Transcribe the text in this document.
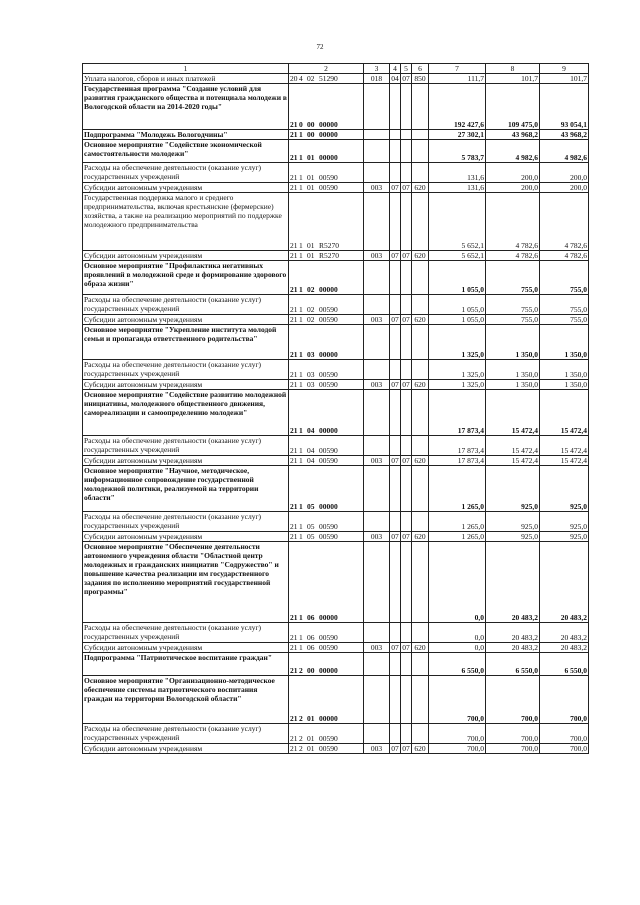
72
1	2	3	4	5	6	7	8	9
Уплата налогов, сборов и иных платежей	20 4 02 51290	018	04	07	850	111,7	101,7	101,7
Государственная программа "Создание условий для развития гражданского общества и потенциала молодежи в Вологодской области на 2014-2020 годы"	21 0 00 00000					192 427,6	109 475,0	93 054,1
Подпрограмма "Молодежь Вологодчины"	21 1 00 00000					27 302,1	43 968,2	43 968,2
Основное мероприятие "Содействие экономической самостоятельности молодежи"	21 1 01 00000					5 783,7	4 982,6	4 982,6
Расходы на обеспечение деятельности (оказание услуг) государственных учреждений	21 1 01 00590					131,6	200,0	200,0
Субсидии автономным учреждениям	21 1 01 00590	003	07	07	620	131,6	200,0	200,0
Государственная поддержка малого и среднего предпринимательства, включая крестьянские (фермерские) хозяйства, а также на реализацию мероприятий по поддержке молодежного предпринимательства	21 1 01 R5270					5 652,1	4 782,6	4 782,6
Субсидии автономным учреждениям	21 1 01 R5270	003	07	07	620	5 652,1	4 782,6	4 782,6
Основное мероприятие "Профилактика негативных проявлений в молодежной среде и формирование здорового образа жизни"	21 1 02 00000					1 055,0	755,0	755,0
Расходы на обеспечение деятельности (оказание услуг) государственных учреждений	21 1 02 00590					1 055,0	755,0	755,0
Субсидии автономным учреждениям	21 1 02 00590	003	07	07	620	1 055,0	755,0	755,0
Основное мероприятие "Укрепление института молодой семьи и пропаганда ответственного родительства"	21 1 03 00000					1 325,0	1 350,0	1 350,0
Расходы на обеспечение деятельности (оказание услуг) государственных учреждений	21 1 03 00590					1 325,0	1 350,0	1 350,0
Субсидии автономным учреждениям	21 1 03 00590	003	07	07	620	1 325,0	1 350,0	1 350,0
Основное мероприятие "Содействие развитию молодежной инициативы, молодежного общественного движения, самореализации и самоопределению молодежи"	21 1 04 00000					17 873,4	15 472,4	15 472,4
Расходы на обеспечение деятельности (оказание услуг) государственных учреждений	21 1 04 00590					17 873,4	15 472,4	15 472,4
Субсидии автономным учреждениям	21 1 04 00590	003	07	07	620	17 873,4	15 472,4	15 472,4
Основное мероприятие "Научное, методическое, информационное сопровождение государственной молодежной политики, реализуемой на территории области"	21 1 05 00000					1 265,0	925,0	925,0
Расходы на обеспечение деятельности (оказание услуг) государственных учреждений	21 1 05 00590					1 265,0	925,0	925,0
Субсидии автономным учреждениям	21 1 05 00590	003	07	07	620	1 265,0	925,0	925,0
Основное мероприятие "Обеспечение деятельности автономного учреждения области "Областной центр молодежных и гражданских инициатив "Содружество" и повышение качества реализации им государственного задания по исполнению мероприятий государственной программы"	21 1 06 00000					0,0	20 483,2	20 483,2
Расходы на обеспечение деятельности (оказание услуг) государственных учреждений	21 1 06 00590					0,0	20 483,2	20 483,2
Субсидии автономным учреждениям	21 1 06 00590	003	07	07	620	0,0	20 483,2	20 483,2
Подпрограмма "Патриотическое воспитание граждан"	21 2 00 00000					6 550,0	6 550,0	6 550,0
Основное мероприятие "Организационно-методическое обеспечение системы патриотического воспитания граждан на территории Вологодской области"	21 2 01 00000					700,0	700,0	700,0
Расходы на обеспечение деятельности (оказание услуг) государственных учреждений	21 2 01 00590					700,0	700,0	700,0
Субсидии автономным учреждениям	21 2 01 00590	003	07	07	620	700,0	700,0	700,0
